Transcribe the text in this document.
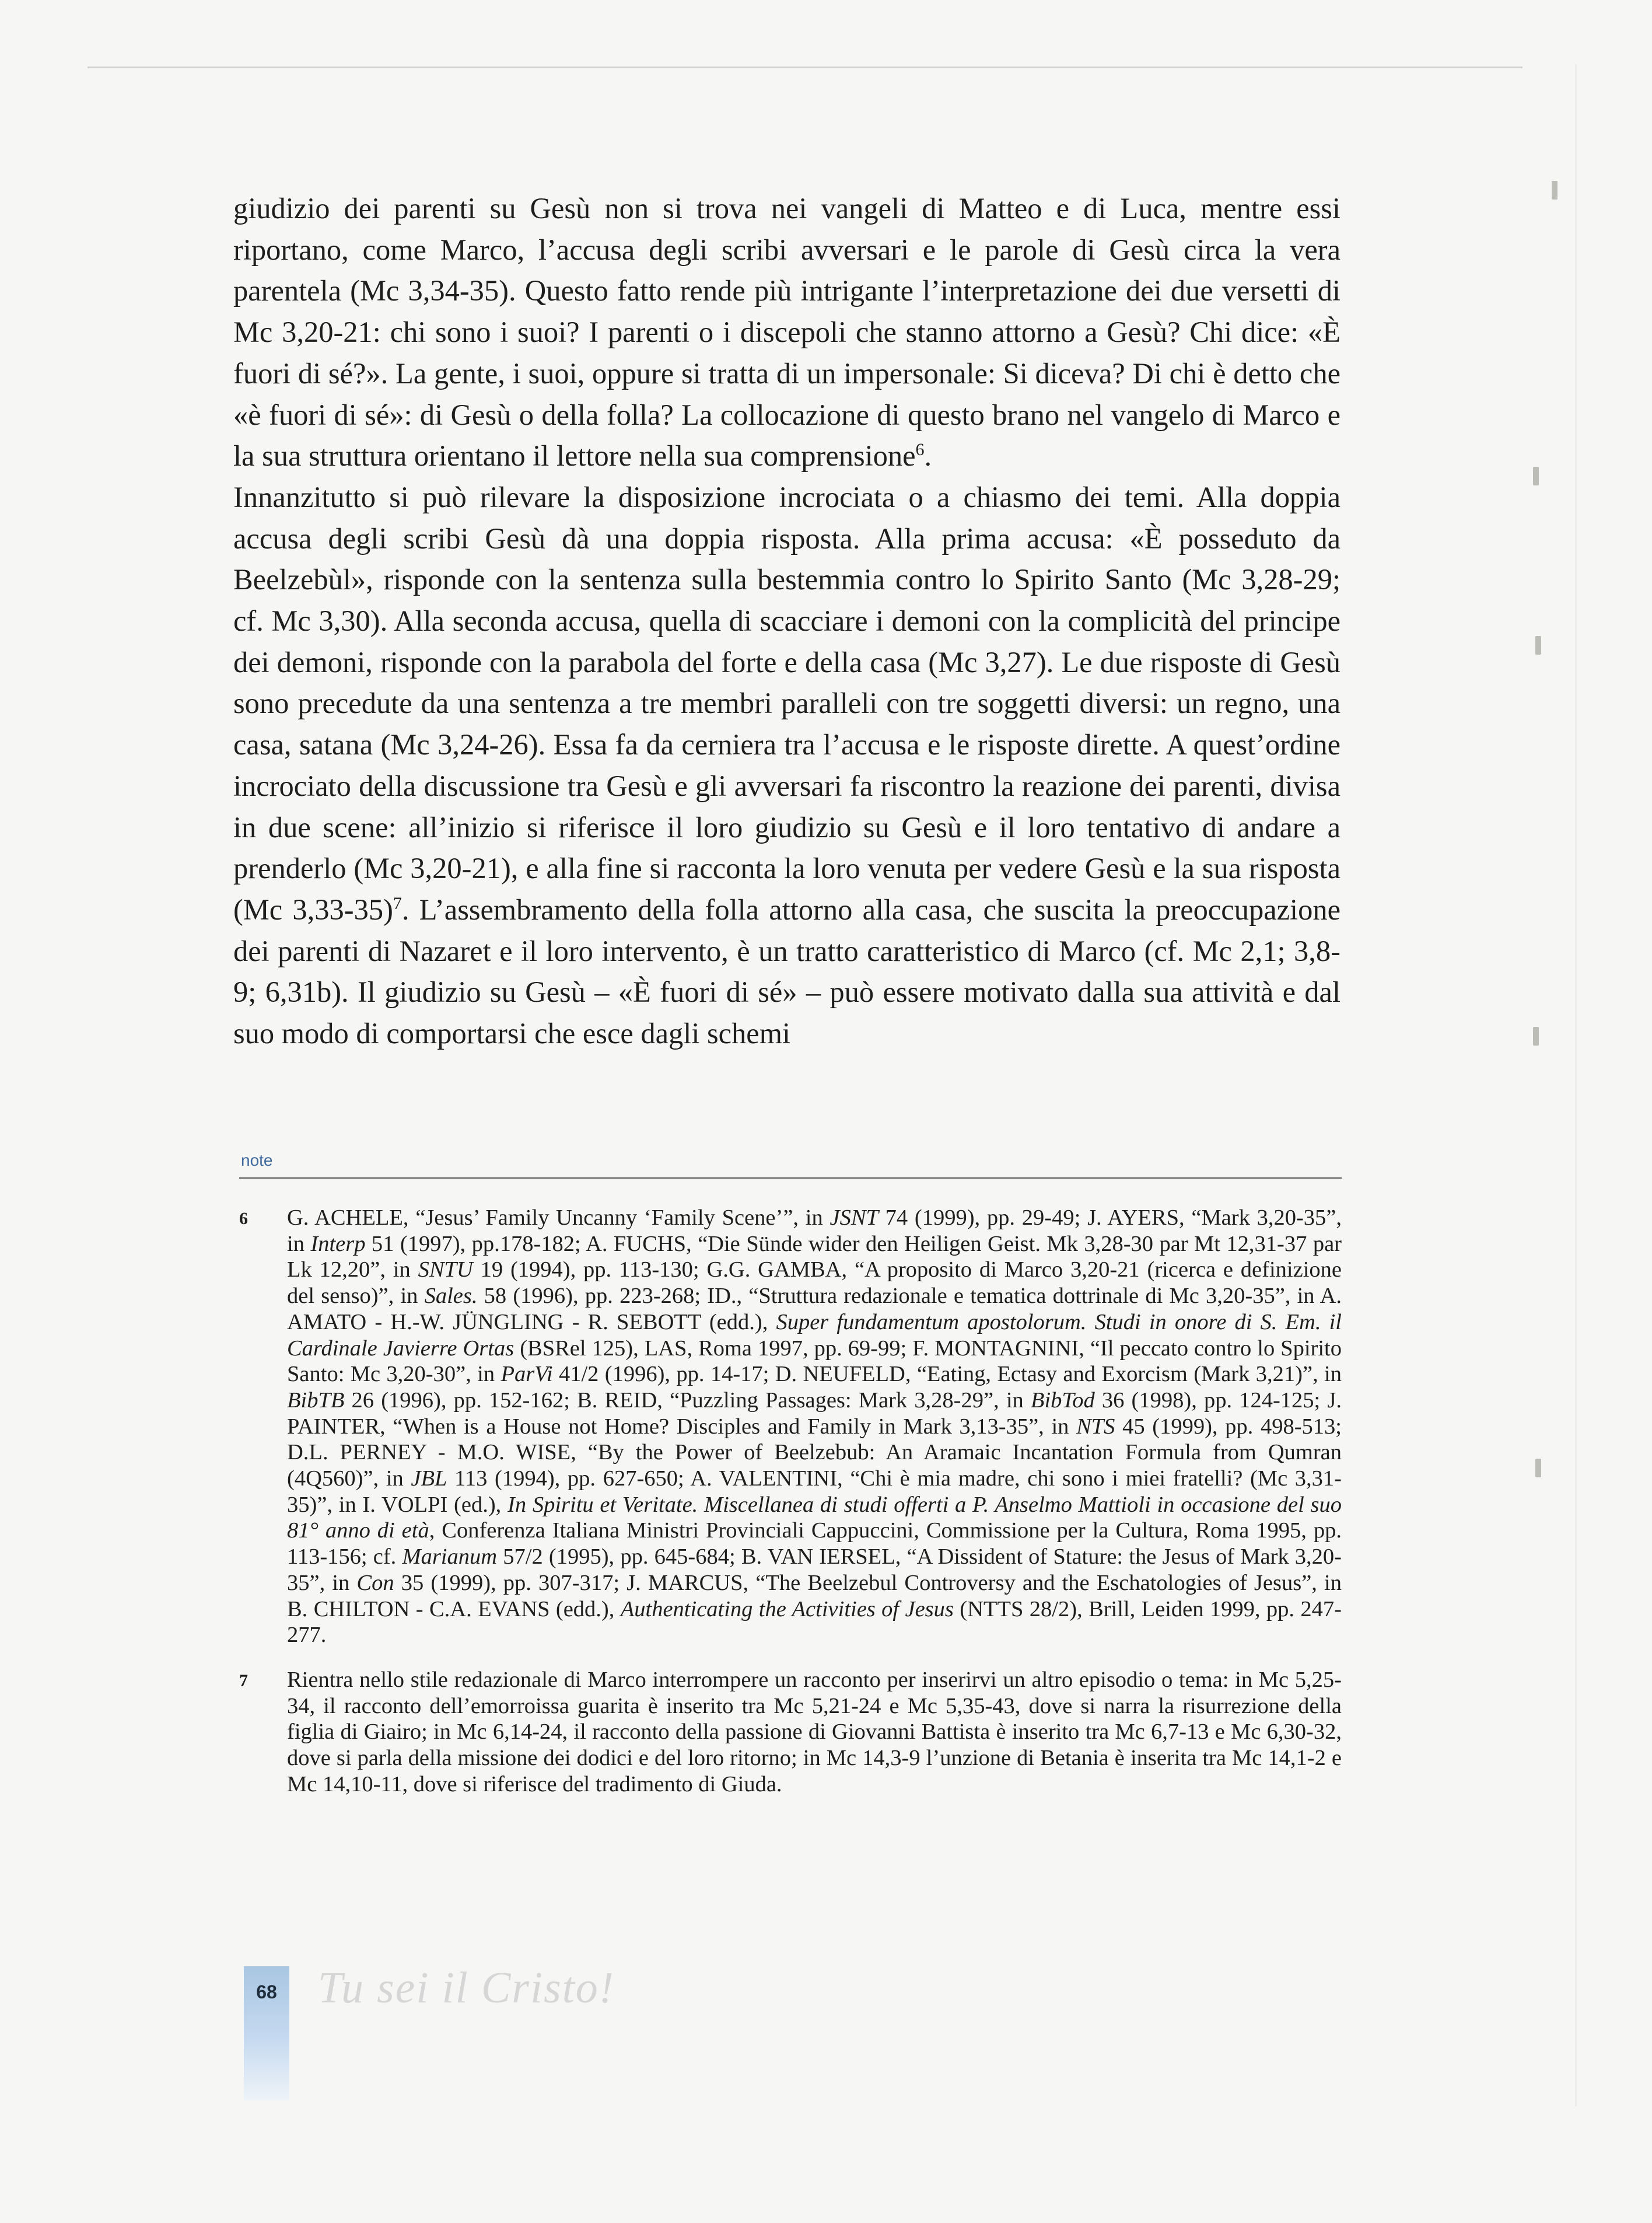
giudizio dei parenti su Gesù non si trova nei vangeli di Matteo e di Luca, mentre essi riportano, come Marco, l’accusa degli scribi avversari e le parole di Gesù circa la vera parentela (Mc 3,34-35). Questo fatto rende più intrigante l’interpretazione dei due versetti di Mc 3,20-21: chi sono i suoi? I parenti o i discepoli che stanno attorno a Gesù? Chi dice: «È fuori di sé?». La gente, i suoi, oppure si tratta di un impersonale: Si diceva? Di chi è detto che «è fuori di sé»: di Gesù o della folla? La collocazione di questo brano nel vangelo di Marco e la sua struttura orientano il lettore nella sua comprensione$^6$.
Innanzitutto si può rilevare la disposizione incrociata o a chiasmo dei temi. Alla doppia accusa degli scribi Gesù dà una doppia risposta. Alla prima accusa: «È posseduto da Beelzebùl», risponde con la sentenza sulla bestemmia contro lo Spirito Santo (Mc 3,28-29; cf. Mc 3,30). Alla seconda accusa, quella di scacciare i demoni con la complicità del principe dei demoni, risponde con la parabola del forte e della casa (Mc 3,27). Le due risposte di Gesù sono precedute da una sentenza a tre membri paralleli con tre soggetti diversi: un regno, una casa, satana (Mc 3,24-26). Essa fa da cerniera tra l’accusa e le risposte dirette. A quest’ordine incrociato della discussione tra Gesù e gli avversari fa riscontro la reazione dei parenti, divisa in due scene: all’inizio si riferisce il loro giudizio su Gesù e il loro tentativo di andare a prenderlo (Mc 3,20-21), e alla fine si racconta la loro venuta per vedere Gesù e la sua risposta (Mc 3,33-35)$^7$. L’assembramento della folla attorno alla casa, che suscita la preoccupazione dei parenti di Nazaret e il loro intervento, è un tratto caratteristico di Marco (cf. Mc 2,1; 3,8-9; 6,31b). Il giudizio su Gesù – «È fuori di sé» – può essere motivato dalla sua attività e dal suo modo di comportarsi che esce dagli schemi

note
6 G. ACHELE, “Jesus’ Family Uncanny ‘Family Scene’”, in JSNT 74 (1999), pp. 29-49; J. AYERS, “Mark 3,20-35”, in Interp 51 (1997), pp.178-182; A. FUCHS, “Die Sünde wider den Heiligen Geist. Mk 3,28-30 par Mt 12,31-37 par Lk 12,20”, in SNTU 19 (1994), pp. 113-130; G.G. GAMBA, “A proposito di Marco 3,20-21 (ricerca e definizione del senso)”, in Sales. 58 (1996), pp. 223-268; ID., “Struttura redazionale e tematica dottrinale di Mc 3,20-35”, in A. AMATO - H.-W. JÜNGLING - R. SEBOTT (edd.), Super fundamentum apostolorum. Studi in onore di S. Em. il Cardinale Javierre Ortas (BSRel 125), LAS, Roma 1997, pp. 69-99; F. MONTAGNINI, “Il peccato contro lo Spirito Santo: Mc 3,20-30”, in ParVi 41/2 (1996), pp. 14-17; D. NEUFELD, “Eating, Ectasy and Exorcism (Mark 3,21)”, in BibTB 26 (1996), pp. 152-162; B. REID, “Puzzling Passages: Mark 3,28-29”, in BibTod 36 (1998), pp. 124-125; J. PAINTER, “When is a House not Home? Disciples and Family in Mark 3,13-35”, in NTS 45 (1999), pp. 498-513; D.L. PERNEY - M.O. WISE, “By the Power of Beelzebub: An Aramaic Incantation Formula from Qumran (4Q560)”, in JBL 113 (1994), pp. 627-650; A. VALENTINI, “Chi è mia madre, chi sono i miei fratelli? (Mc 3,31-35)”, in I. VOLPI (ed.), In Spiritu et Veritate. Miscellanea di studi offerti a P. Anselmo Mattioli in occasione del suo 81° anno di età, Conferenza Italiana Ministri Provinciali Cappuccini, Commissione per la Cultura, Roma 1995, pp. 113-156; cf. Marianum 57/2 (1995), pp. 645-684; B. VAN IERSEL, “A Dissident of Stature: the Jesus of Mark 3,20-35”, in Con 35 (1999), pp. 307-317; J. MARCUS, “The Beelzebul Controversy and the Eschatologies of Jesus”, in B. CHILTON - C.A. EVANS (edd.), Authenticating the Activities of Jesus (NTTS 28/2), Brill, Leiden 1999, pp. 247-277.
7 Rientra nello stile redazionale di Marco interrompere un racconto per inserirvi un altro episodio o tema: in Mc 5,25-34, il racconto dell’emorroissa guarita è inserito tra Mc 5,21-24 e Mc 5,35-43, dove si narra la risurrezione della figlia di Giairo; in Mc 6,14-24, il racconto della passione di Giovanni Battista è inserito tra Mc 6,7-13 e Mc 6,30-32, dove si parla della missione dei dodici e del loro ritorno; in Mc 14,3-9 l’unzione di Betania è inserita tra Mc 14,1-2 e Mc 14,10-11, dove si riferisce del tradimento di Giuda.
68 Tu sei il Cristo!
